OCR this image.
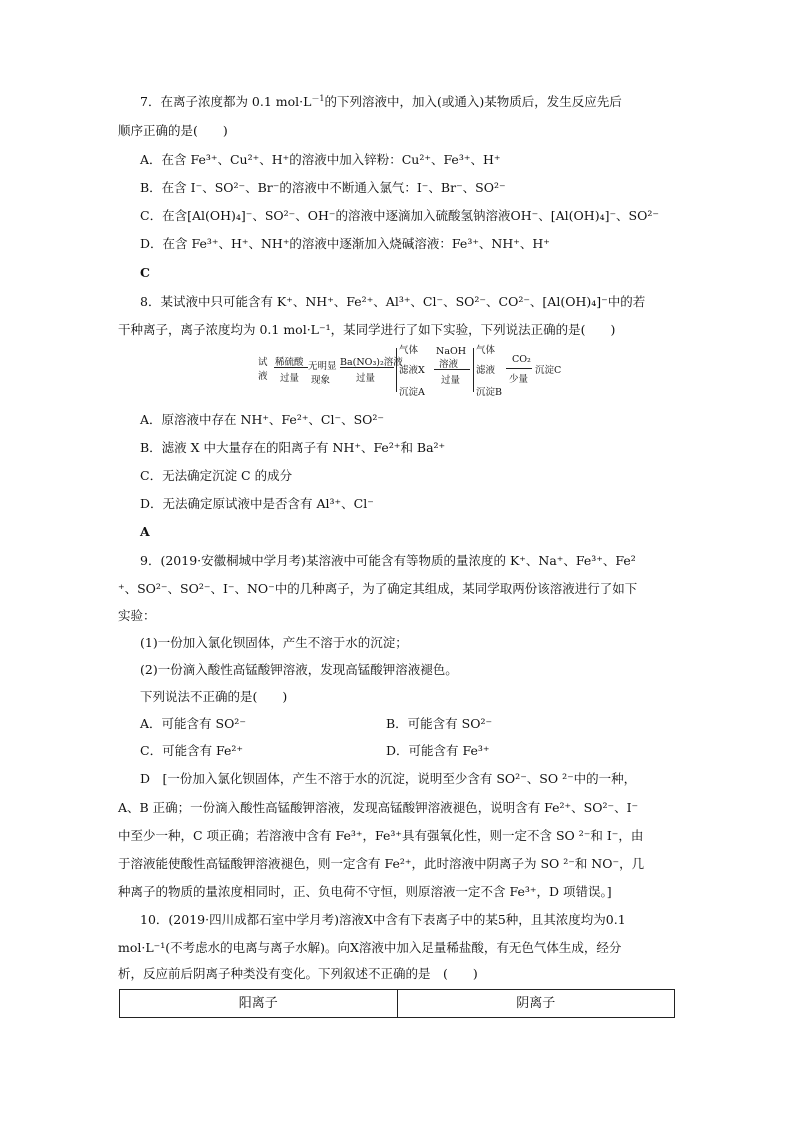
7．在离子浓度都为 0.1 $mol\cdot L^{-1}$的下列溶液中，加入(或通入)某物质后，发生反应先后
顺序正确的是(　　)
A．在含 Fe³⁺、Cu²⁺、H⁺的溶液中加入锌粉：Cu²⁺、Fe³⁺、H⁺
B．在含 I⁻、SO²⁻、Br⁻的溶液中不断通入氯气：I⁻、Br⁻、SO²⁻
C．在含[Al(OH)₄]⁻、SO²⁻、OH⁻的溶液中逐滴加入硫酸氢钠溶液OH⁻、[Al(OH)₄]⁻、SO²⁻
D．在含 Fe³⁺、H⁺、NH⁺的溶液中逐渐加入烧碱溶液：Fe³⁺、NH⁺、H⁺
C
8．某试液中只可能含有 K⁺、NH⁺、Fe²⁺、Al³⁺、Cl⁻、SO²⁻、CO²⁻、[Al(OH)₄]⁻中的若
干种离子，离子浓度均为 0.1 mol·L⁻¹，某同学进行了如下实验，下列说法正确的是(　　)
试
液
稀硫酸
过量
无明显
现象
Ba(NO₃)₂溶液
过量
气体
滤液X
沉淀A
NaOH
溶液
过量
气体
滤液
沉淀B
CO₂
少量
沉淀C
A．原溶液中存在 NH⁺、Fe²⁺、Cl⁻、SO²⁻
B．滤液 X 中大量存在的阳离子有 NH⁺、Fe²⁺和 Ba²⁺
C．无法确定沉淀 C 的成分
D．无法确定原试液中是否含有 Al³⁺、Cl⁻
A
9．(2019·安徽桐城中学月考)某溶液中可能含有等物质的量浓度的 K⁺、Na⁺、Fe³⁺、Fe²
⁺、SO²⁻、SO²⁻、I⁻、NO⁻中的几种离子，为了确定其组成，某同学取两份该溶液进行了如下
实验：
(1)一份加入氯化钡固体，产生不溶于水的沉淀；
(2)一份滴入酸性高锰酸钾溶液，发现高锰酸钾溶液褪色。
下列说法不正确的是(　　)
A．可能含有 SO²⁻	B．可能含有 SO²⁻
C．可能含有 Fe²⁺	D．可能含有 Fe³⁺
D　[一份加入氯化钡固体，产生不溶于水的沉淀，说明至少含有 SO²⁻、SO ²⁻中的一种，
A、B 正确；一份滴入酸性高锰酸钾溶液，发现高锰酸钾溶液褪色，说明含有 Fe²⁺、SO²⁻、I⁻
中至少一种，C 项正确；若溶液中含有 Fe³⁺，Fe³⁺具有强氧化性，则一定不含 SO ²⁻和 I⁻，由
于溶液能使酸性高锰酸钾溶液褪色，则一定含有 Fe²⁺，此时溶液中阴离子为 SO ²⁻和 NO⁻，几
种离子的物质的量浓度相同时，正、负电荷不守恒，则原溶液一定不含 Fe³⁺，D 项错误。]
10．(2019·四川成都石室中学月考)溶液X中含有下表离子中的某5种，且其浓度均为0.1
mol·L⁻¹(不考虑水的电离与离子水解)。向X溶液中加入足量稀盐酸，有无色气体生成，经分
析，反应前后阴离子种类没有变化。下列叙述不正确的是　(　　)
阳离子	阴离子
